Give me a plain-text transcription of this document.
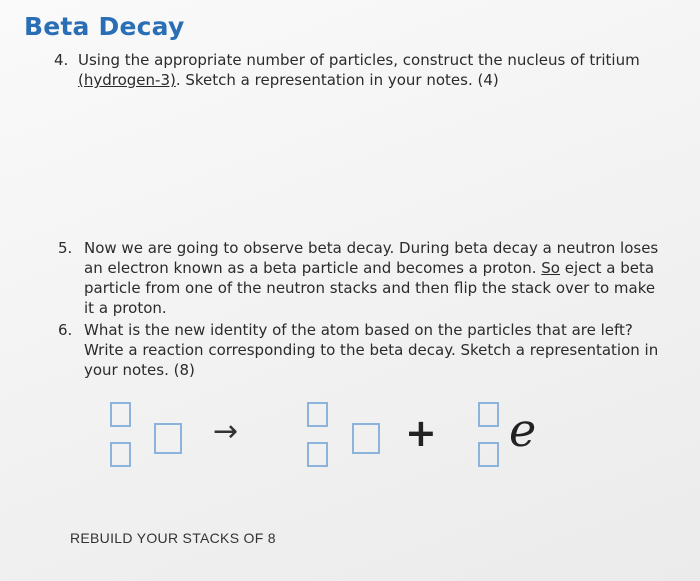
Beta Decay
4. Using the appropriate number of particles, construct the nucleus of tritium
(hydrogen-3). Sketch a representation in your notes. (4)
5. Now we are going to observe beta decay. During beta decay a neutron loses
an electron known as a beta particle and becomes a proton. So eject a beta
particle from one of the neutron stacks and then flip the stack over to make
it a proton.
6. What is the new identity of the atom based on the particles that are left?
Write a reaction corresponding to the beta decay. Sketch a representation in
your notes. (8)
→	+ e
REBUILD YOUR STACKS OF 8
